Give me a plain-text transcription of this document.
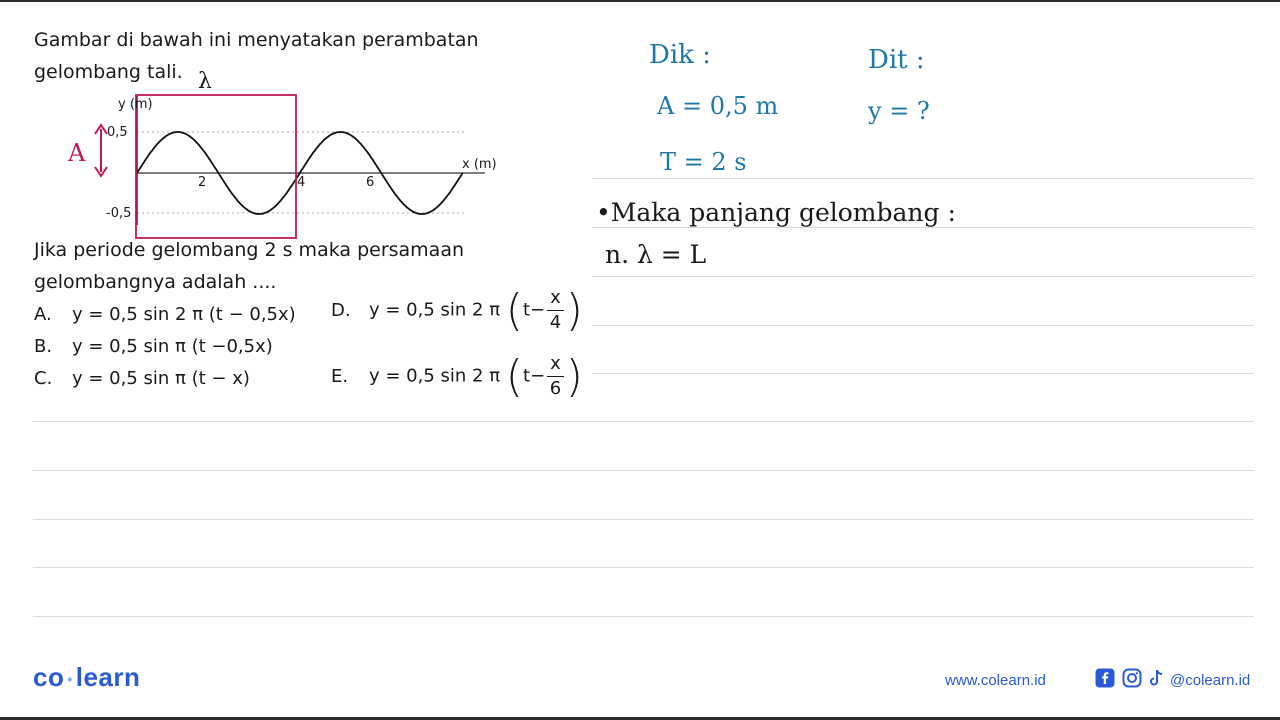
Gambar di bawah ini menyatakan perambatan gelombang tali. λ
A
y (m)
x (m)
0,5
-0,5
2	4	6
Jika periode gelombang 2 s maka persamaan gelombangnya adalah ....
A. y = 0,5 sin 2 π (t − 0,5x)
B. y = 0,5 sin π (t −0,5x)
C. y = 0,5 sin π (t − x)
D. y = 0,5 sin 2 π ($t- \frac{x}{4}$ )
E. y = 0,5 sin 2 π ($t- \frac{x}{6}$ )
Dik :	Dit :
A = 0,5 m	y = ?
T = 2 s
•Maka panjang gelombang :
n. λ = L
co • learn	www.colearn.id	@colearn.id
